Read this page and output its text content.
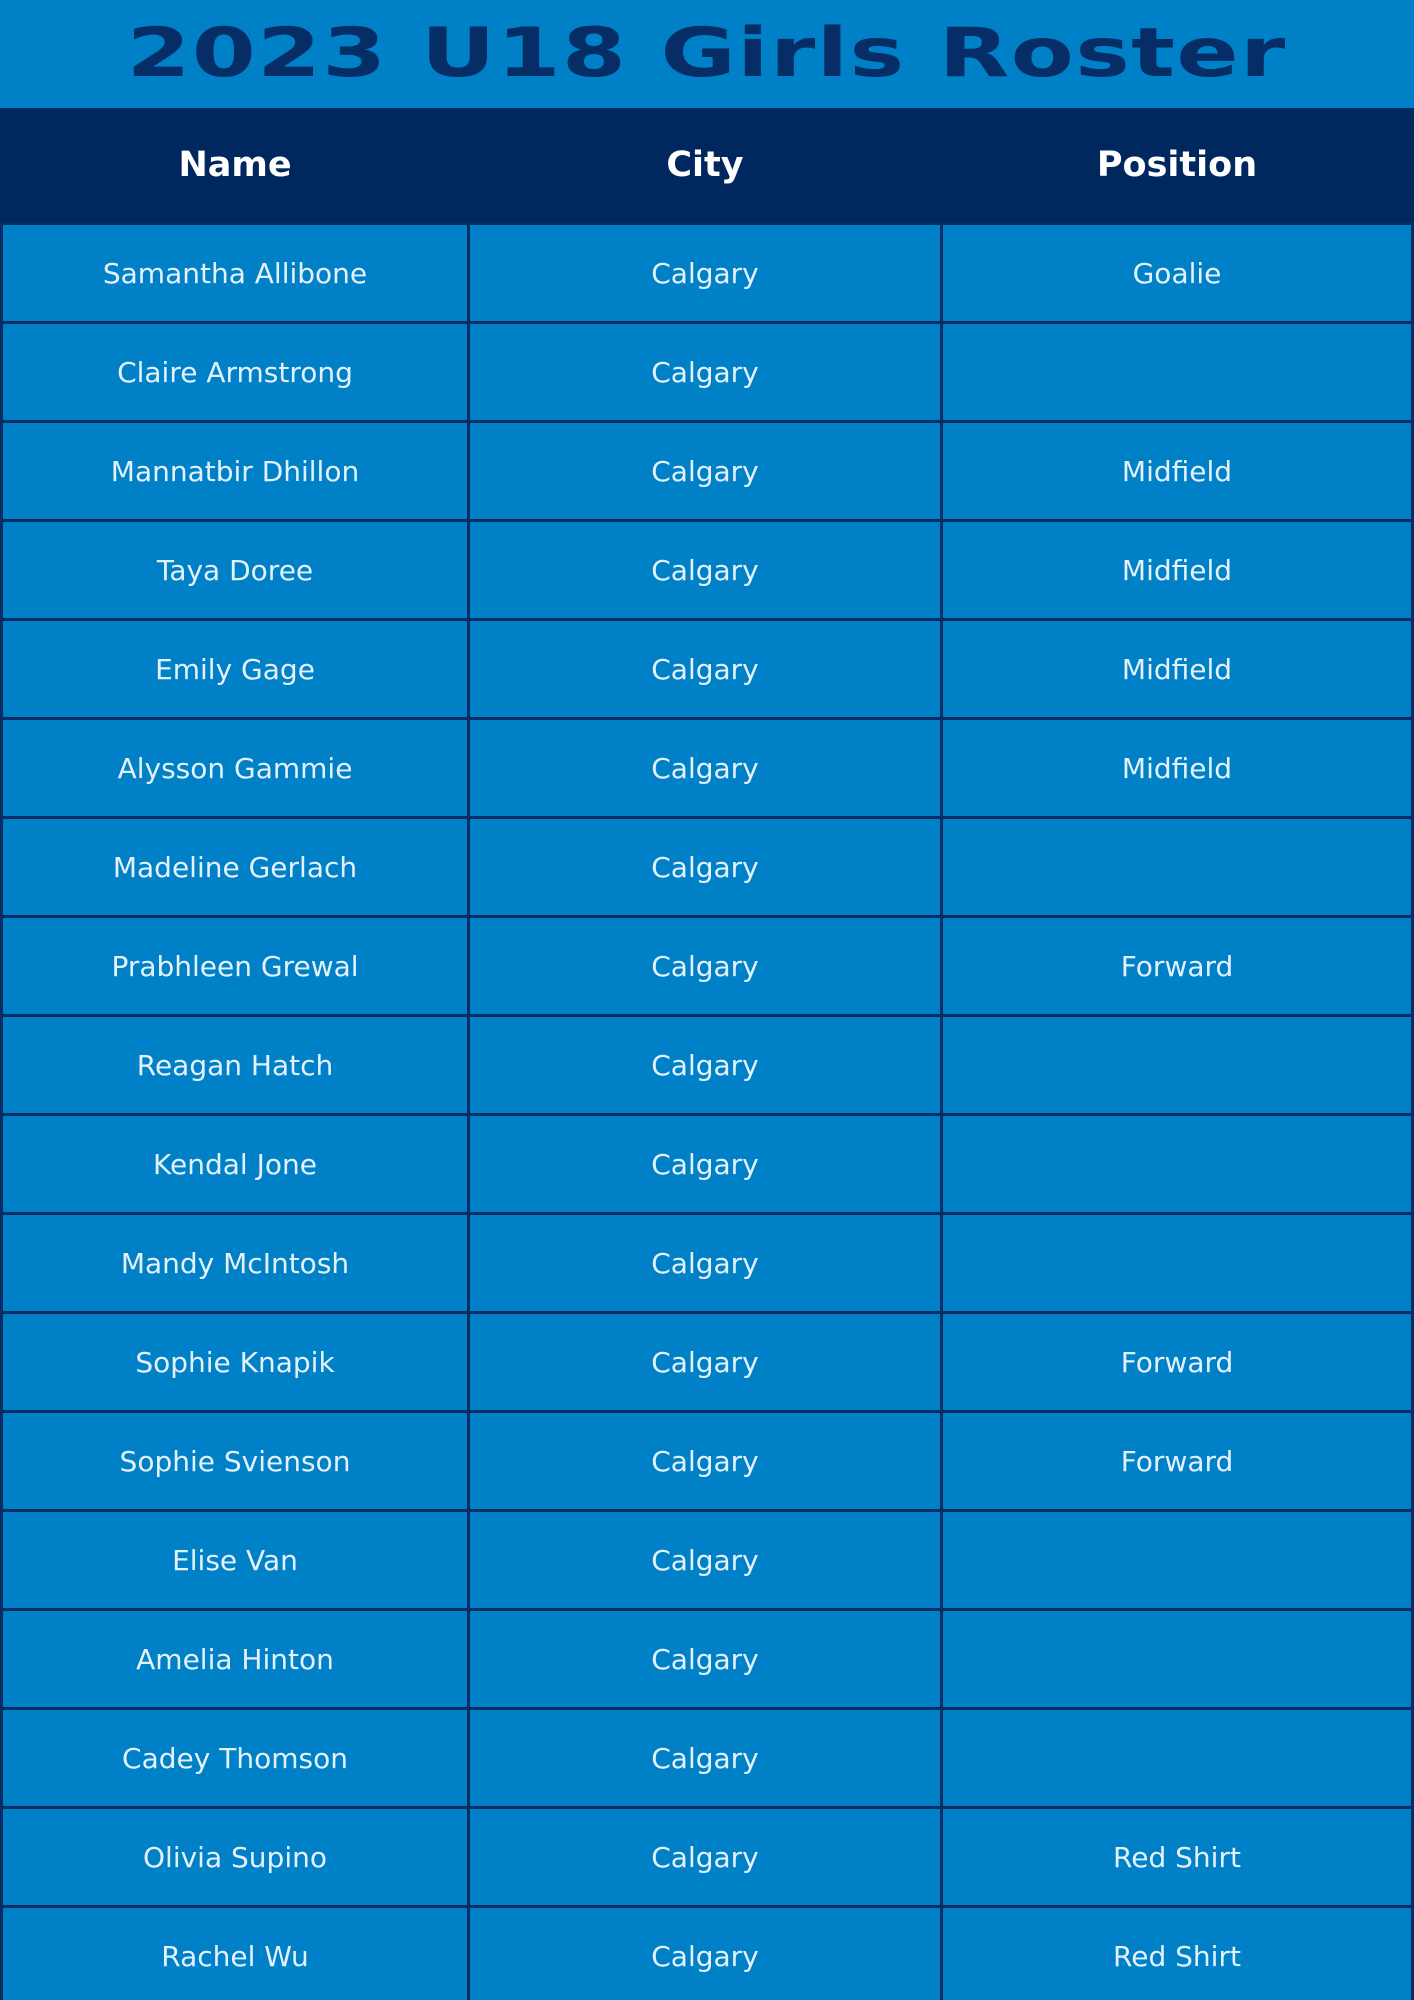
2023 U18 Girls Roster
Name	City	Position
Samantha Allibone	Calgary	Goalie
Claire Armstrong	Calgary
Mannatbir Dhillon	Calgary	Midfield
Taya Doree	Calgary	Midfield
Emily Gage	Calgary	Midfield
Alysson Gammie	Calgary	Midfield
Madeline Gerlach	Calgary
Prabhleen Grewal	Calgary	Forward
Reagan Hatch	Calgary
Kendal Jone	Calgary
Mandy McIntosh	Calgary
Sophie Knapik	Calgary	Forward
Sophie Svienson	Calgary	Forward
Elise Van	Calgary
Amelia Hinton	Calgary
Cadey Thomson	Calgary
Olivia Supino	Calgary	Red Shirt
Rachel Wu	Calgary	Red Shirt
